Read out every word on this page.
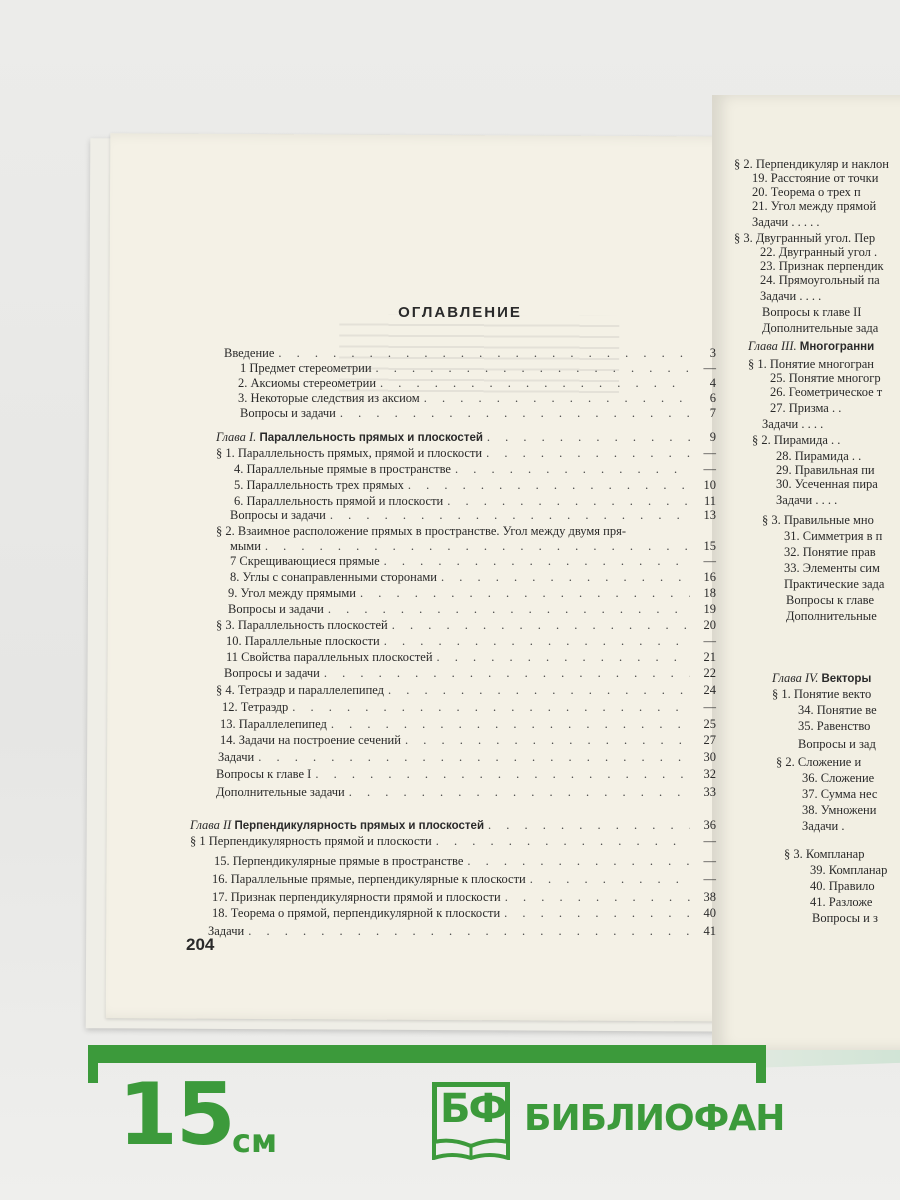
§ 2. Перпендикуляр и наклон
19. Расстояние от точки
20. Теорема о трех п
21. Угол между прямой
Задачи . . . . .
§ 3. Двугранный угол. Пер
22. Двугранный угол .
23. Признак перпендик
24. Прямоугольный па
Задачи . . . .
Вопросы к главе II
Дополнительные зада
Глава III. Многогранни
§ 1. Понятие многогран
25. Понятие многогр
26. Геометрическое т
27. Призма . .
Задачи . . . .
§ 2. Пирамида . .
28. Пирамида . .
29. Правильная пи
30. Усеченная пира
Задачи . . . .
§ 3. Правильные мно
31. Симметрия в п
32. Понятие прав
33. Элементы сим
Практические зада
Вопросы к главе
Дополнительные
Глава IV. Векторы
§ 1. Понятие векто
34. Понятие ве
35. Равенство
Вопросы и зад
§ 2. Сложение и
36. Сложение
37. Сумма нес
38. Умножени
Задачи .
§ 3. Компланар
39. Компланар
40. Правило
41. Разложе
Вопросы и з
ОГЛАВЛЕНИЕ
Введение . . .	3
1 Предмет стереометрии . . .	—
2. Аксиомы стереометрии . . .	4
3. Некоторые следствия из аксиом . . .	6
Вопросы и задачи . . .	7
Глава I. Параллельность прямых и плоскостей . . .	9
§ 1. Параллельность прямых, прямой и плоскости . . .	—
4. Параллельные прямые в пространстве . . .	—
5. Параллельность трех прямых . . .	10
6. Параллельность прямой и плоскости . . .	11
Вопросы и задачи . . .	13
§ 2. Взаимное расположение прямых в пространстве. Угол между двумя пря-
мыми . . .	15
7 Скрещивающиеся прямые . . .	—
8. Углы с сонаправленными сторонами . . .	16
9. Угол между прямыми . . .	18
Вопросы и задачи . . .	19
§ 3. Параллельность плоскостей . . .	20
10. Параллельные плоскости . . .	—
11 Свойства параллельных плоскостей . . .	21
Вопросы и задачи . . .	22
§ 4. Тетраэдр и параллелепипед . . .	24
12. Тетраэдр . . .	—
13. Параллелепипед . . .	25
14. Задачи на построение сечений . . .	27
Задачи . . .	30
Вопросы к главе I . . .	32
Дополнительные задачи . . .	33
Глава II Перпендикулярность прямых и плоскостей . . .	36
§ 1 Перпендикулярность прямой и плоскости . . .	—
15. Перпендикулярные прямые в пространстве . . .	—
16. Параллельные прямые, перпендикулярные к плоскости . . .	—
17. Признак перпендикулярности прямой и плоскости . . .	38
18. Теорема о прямой, перпендикулярной к плоскости . . .	40
Задачи . . .	41
204
15
см
БФ БИБЛИОФАН
